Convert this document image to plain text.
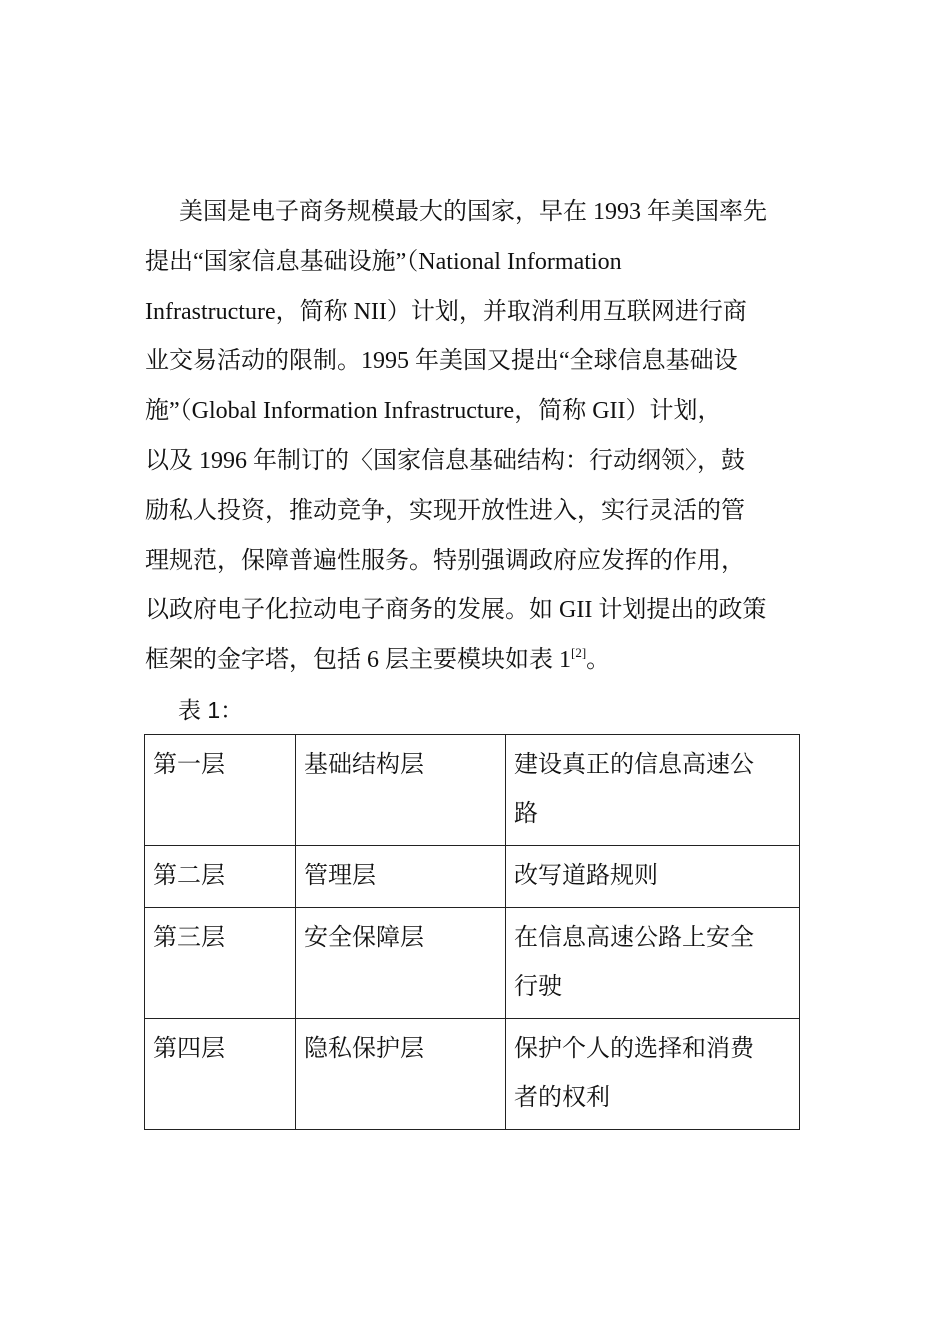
美国是电子商务规模最大的国家，早在 1993 年美国率先
提出“国家信息基础设施”（National Information
Infrastructure，简称 NII）计划，并取消利用互联网进行商
业交易活动的限制。1995 年美国又提出“全球信息基础设
施”（Global Information Infrastructure，简称 GII）计划，
以及 1996 年制订的〈国家信息基础结构：行动纲领〉，鼓
励私人投资，推动竞争，实现开放性进入，实行灵活的管
理规范，保障普遍性服务。特别强调政府应发挥的作用，
以政府电子化拉动电子商务的发展。如 GII 计划提出的政策
框架的金字塔，包括 6 层主要模块如表 1[2]。

表 1：

第一层	基础结构层	建设真正的信息高速公路

第二层	管理层	改写道路规则

第三层	安全保障层	在信息高速公路上安全行驶

第四层	隐私保护层	保护个人的选择和消费者的权利
